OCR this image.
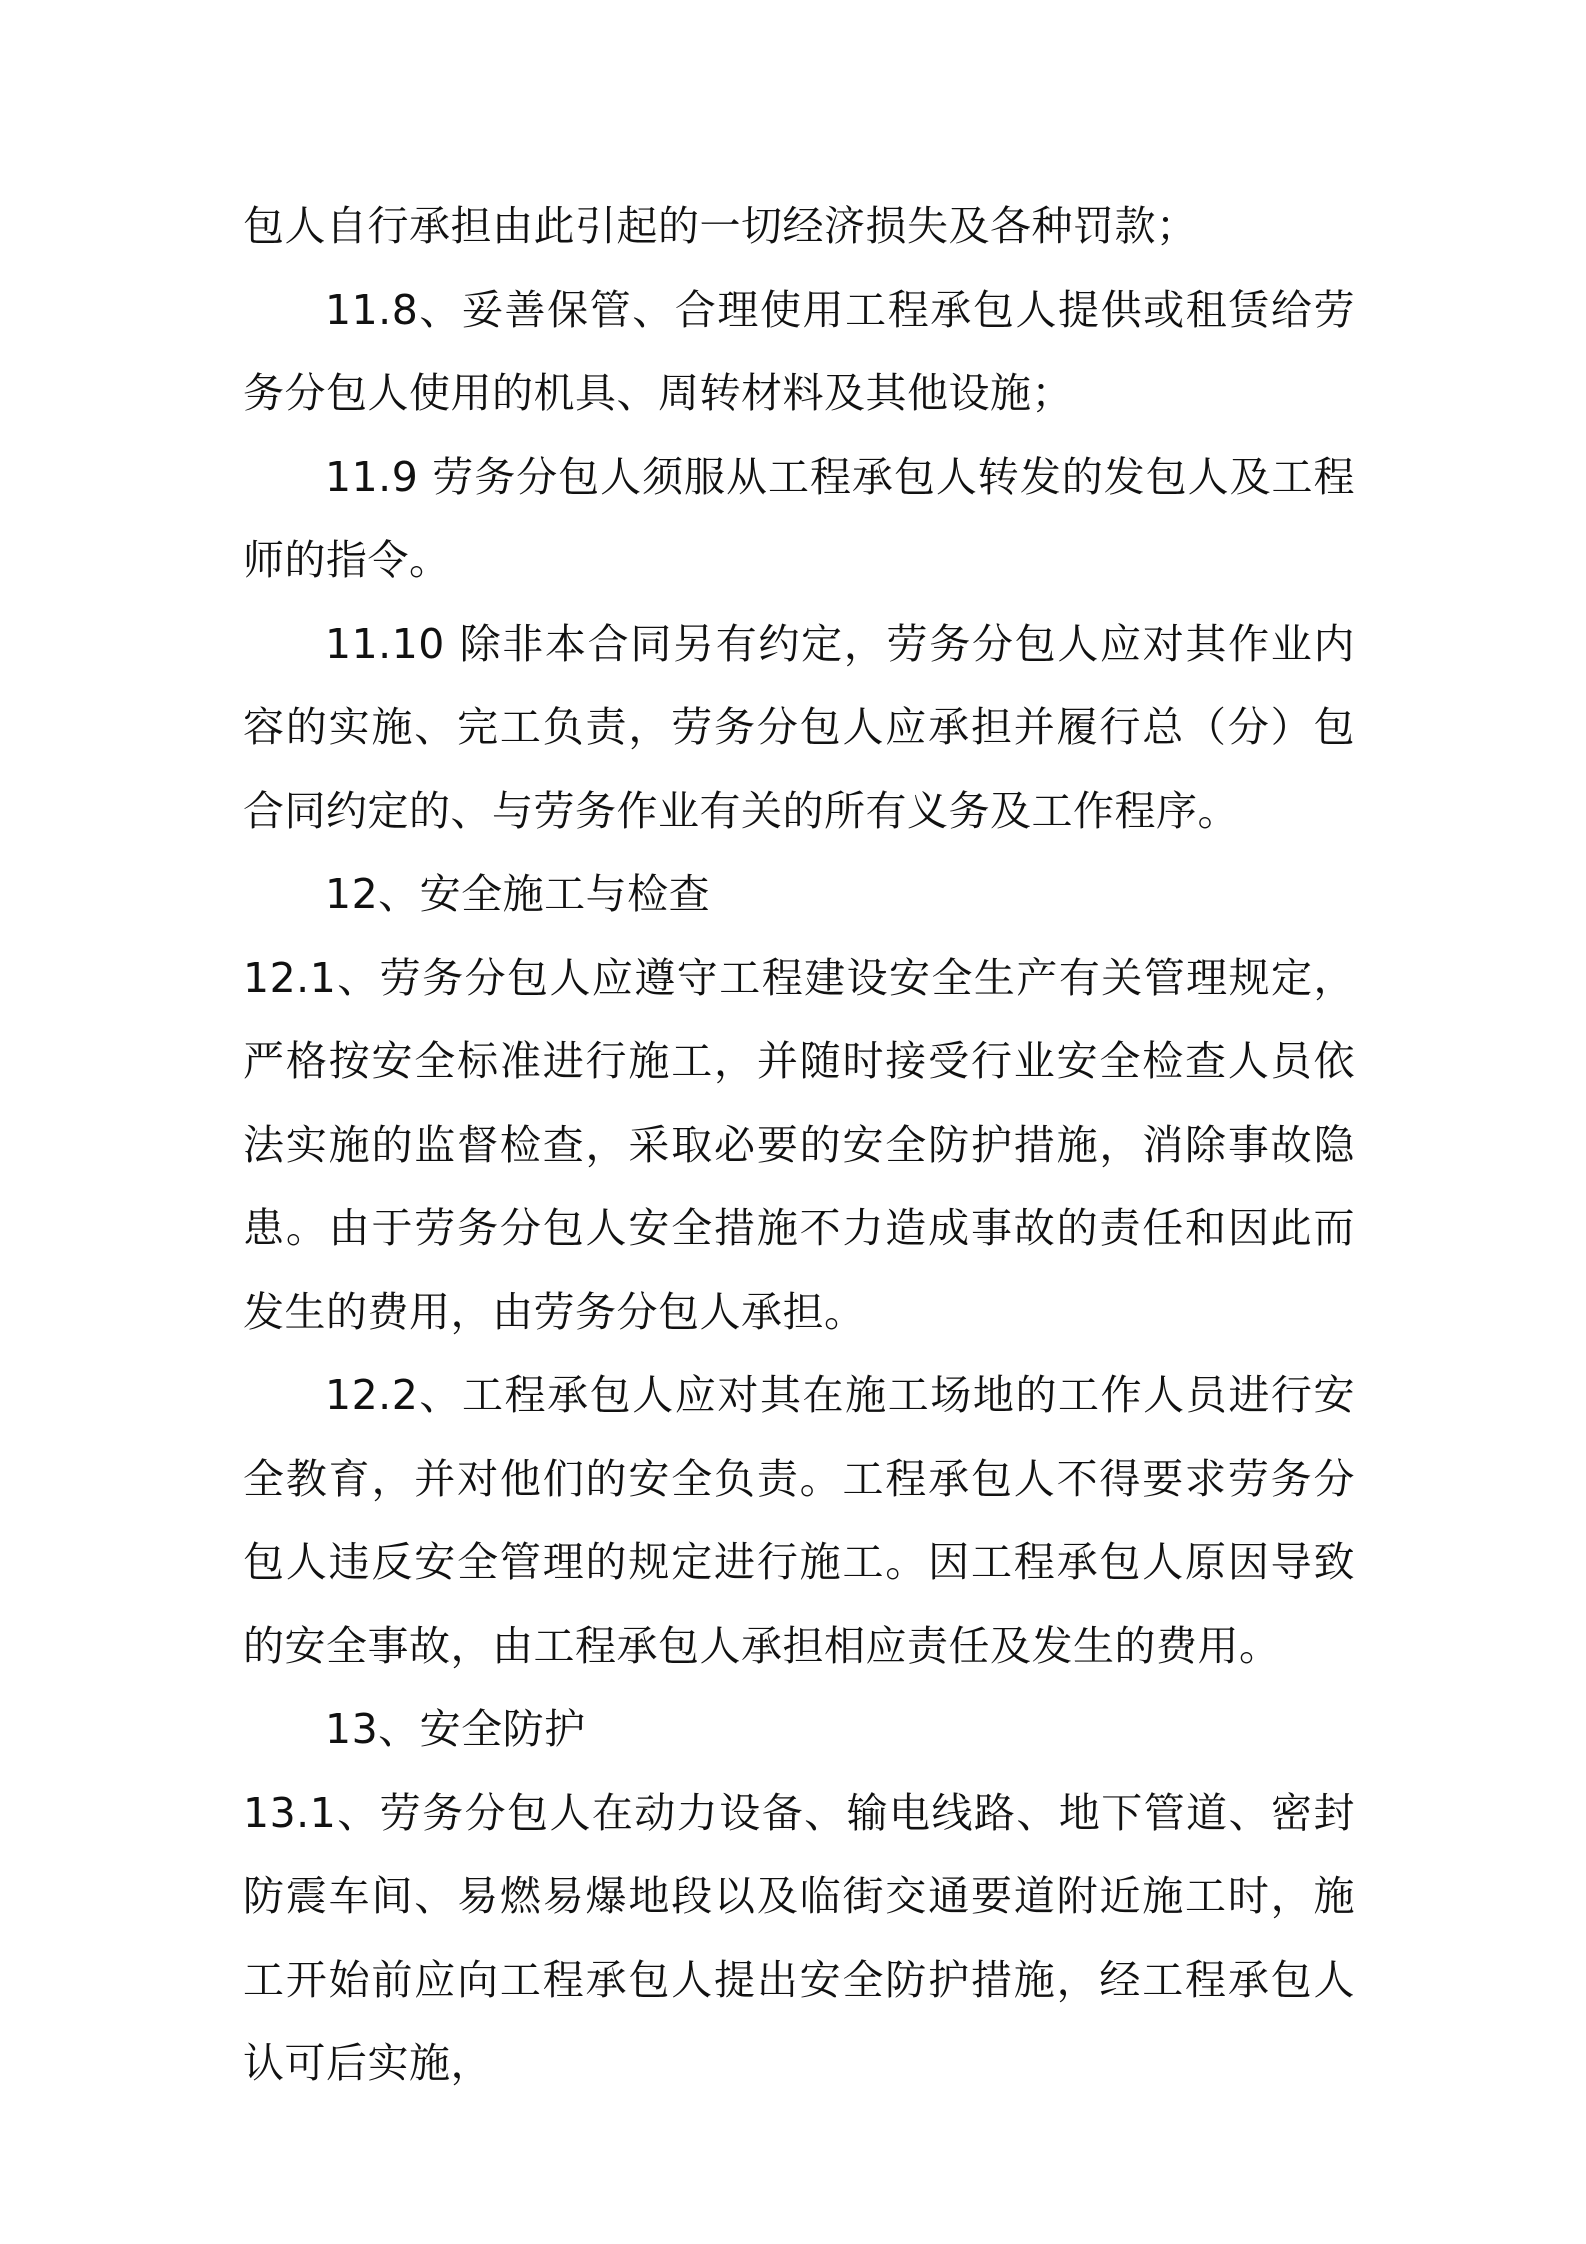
包人自行承担由此引起的一切经济损失及各种罚款；

11.8、妥善保管、合理使用工程承包人提供或租赁给劳务分包人使用的机具、周转材料及其他设施；

11.9 劳务分包人须服从工程承包人转发的发包人及工程师的指令。

11.10 除非本合同另有约定，劳务分包人应对其作业内容的实施、完工负责，劳务分包人应承担并履行总（分）包合同约定的、与劳务作业有关的所有义务及工作程序。

12、安全施工与检查

12.1、劳务分包人应遵守工程建设安全生产有关管理规定，严格按安全标准进行施工，并随时接受行业安全检查人员依法实施的监督检查，采取必要的安全防护措施，消除事故隐患。由于劳务分包人安全措施不力造成事故的责任和因此而发生的费用，由劳务分包人承担。

12.2、工程承包人应对其在施工场地的工作人员进行安全教育，并对他们的安全负责。工程承包人不得要求劳务分包人违反安全管理的规定进行施工。因工程承包人原因导致的安全事故，由工程承包人承担相应责任及发生的费用。

13、安全防护

13.1、劳务分包人在动力设备、输电线路、地下管道、密封防震车间、易燃易爆地段以及临街交通要道附近施工时，施工开始前应向工程承包人提出安全防护措施，经工程承包人认可后实施，
